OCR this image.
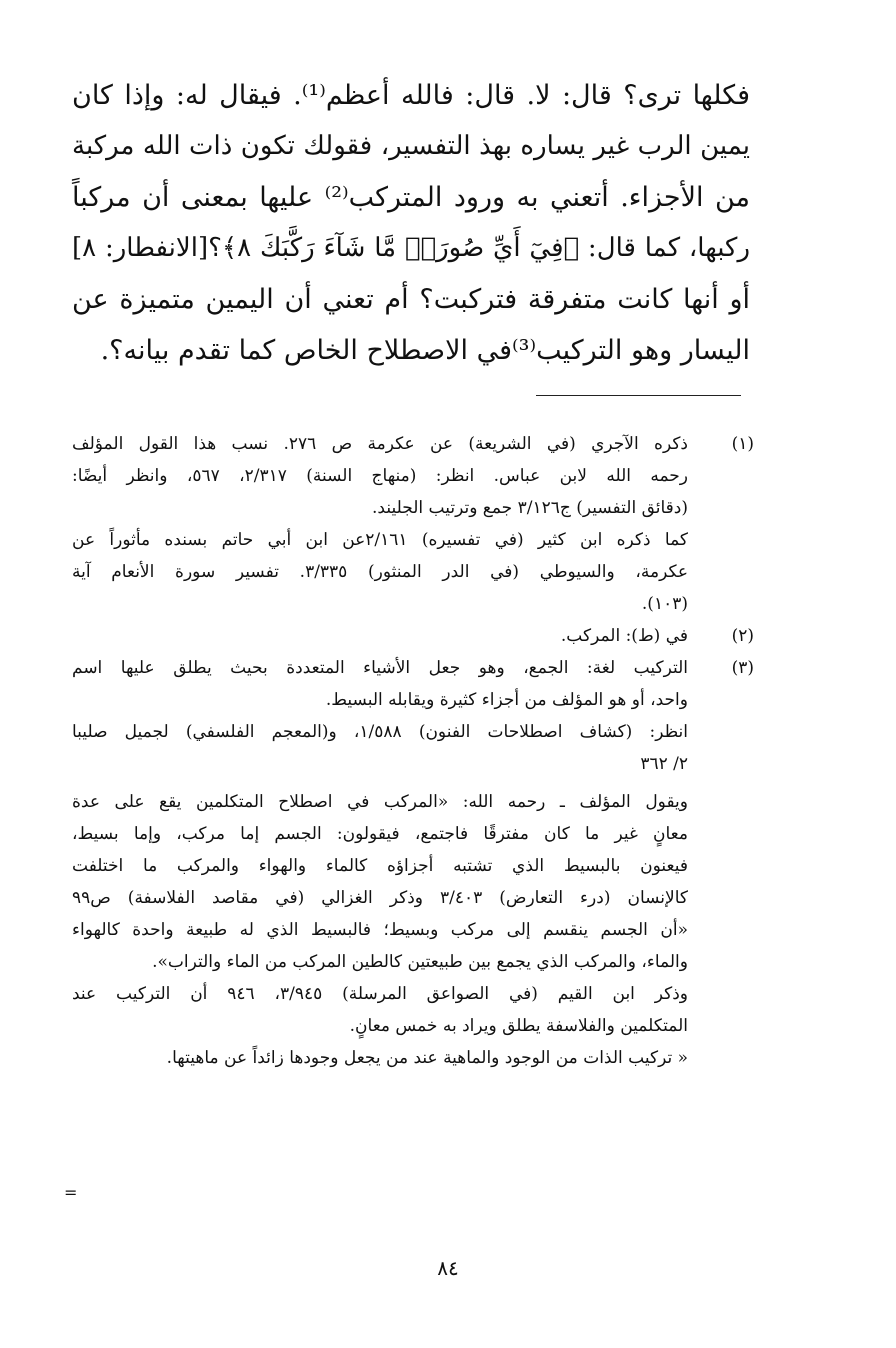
فكلها ترى؟ قال: لا. قال: فالله أعظم⁽¹⁾. فيقال له: وإذا كان
يمين الرب غير يساره بهذ التفسير، فقولك تكون ذات الله مركبة
من الأجزاء. أتعني به ورود المتركب⁽²⁾ عليها بمعنى أن مركباً
ركبها، كما قال: ﴿فِيٓ أَيِّ صُورَةٖ مَّا شَآءَ رَكَّبَكَ ٨﴾؟[الانفطار: ٨]
أو أنها كانت متفرقة فتركبت؟ أم تعني أن اليمين متميزة عن
اليسار وهو التركيب⁽³⁾في الاصطلاح الخاص كما تقدم بيانه؟.
(١)
ذكره الآجري (في الشريعة) عن عكرمة ص ٢٧٦. نسب هذا القول المؤلف
رحمه الله لابن عباس. انظر: (منهاج السنة) ٢/٣١٧، ٥٦٧، وانظر أيضًا:
(دقائق التفسير) ج٣/١٢٦ جمع وترتيب الجليند.
كما ذكره ابن كثير (في تفسيره) ٢/١٦١عن ابن أبي حاتم بسنده مأثوراً عن
عكرمة، والسيوطي (في الدر المنثور) ٣/٣٣٥. تفسير سورة الأنعام آية
(١٠٣).
(٢)
في (ط): المركب.
(٣)
التركيب لغة: الجمع، وهو جعل الأشياء المتعددة بحيث يطلق عليها اسم
واحد، أو هو المؤلف من أجزاء كثيرة ويقابله البسيط.
انظر: (كشاف اصطلاحات الفنون) ١/٥٨٨، و(المعجم الفلسفي) لجميل صليبا
٢/ ٣٦٢
ويقول المؤلف ـ رحمه الله: «المركب في اصطلاح المتكلمين يقع على عدة
معانٍ غير ما كان مفترقًا فاجتمع، فيقولون: الجسم إما مركب، وإما بسيط،
فيعنون بالبسيط الذي تشتبه أجزاؤه كالماء والهواء والمركب ما اختلفت
كالإنسان (درء التعارض) ٣/٤٠٣ وذكر الغزالي (في مقاصد الفلاسفة) ص٩٩
«أن الجسم ينقسم إلى مركب وبسيط؛ فالبسيط الذي له طبيعة واحدة كالهواء
والماء، والمركب الذي يجمع بين طبيعتين كالطين المركب من الماء والتراب».
وذكر ابن القيم (في الصواعق المرسلة) ٣/٩٤٥، ٩٤٦ أن التركيب عند
المتكلمين والفلاسفة يطلق ويراد به خمس معانٍ.
« تركيب الذات من الوجود والماهية عند من يجعل وجودها زائداً عن ماهيتها.
=
٨٤
